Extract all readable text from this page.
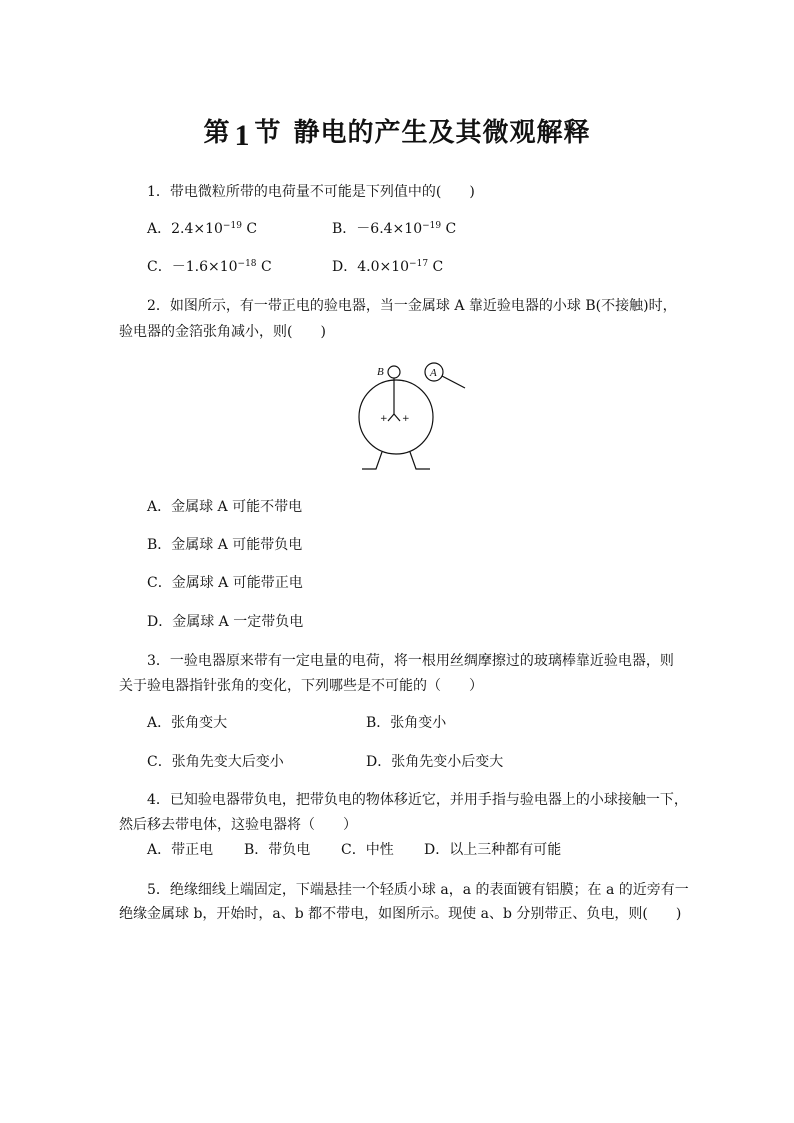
第 1 节 静电的产生及其微观解释
1．带电微粒所带的电荷量不可能是下列值中的(　　)
A．$2.4\times 10^{-19}$ C	B．$-6.4\times 10^{-19}$ C
C．$-1.6\times 10^{-18}$ C	D．$4.0\times 10^{-17}$ C
2．如图所示，有一带正电的验电器，当一金属球 A 靠近验电器的小球 B(不接触)时，
验电器的金箔张角减小，则(　　)
B	A
+ +
A．金属球 A 可能不带电
B．金属球 A 可能带负电
C．金属球 A 可能带正电
D．金属球 A 一定带负电
3．一验电器原来带有一定电量的电荷，将一根用丝绸摩擦过的玻璃棒靠近验电器，则
关于验电器指针张角的变化，下列哪些是不可能的（　　）
A．张角变大	B．张角变小
C．张角先变大后变小	D．张角先变小后变大
4．已知验电器带负电，把带负电的物体移近它，并用手指与验电器上的小球接触一下，
然后移去带电体，这验电器将（　　）
A．带正电 B．带负电 C．中性 D．以上三种都有可能
5．绝缘细线上端固定，下端悬挂一个轻质小球 a，a 的表面镀有铝膜；在 a 的近旁有一
绝缘金属球 b，开始时，a、b 都不带电，如图所示。现使 a、b 分别带正、负电，则(　　)
